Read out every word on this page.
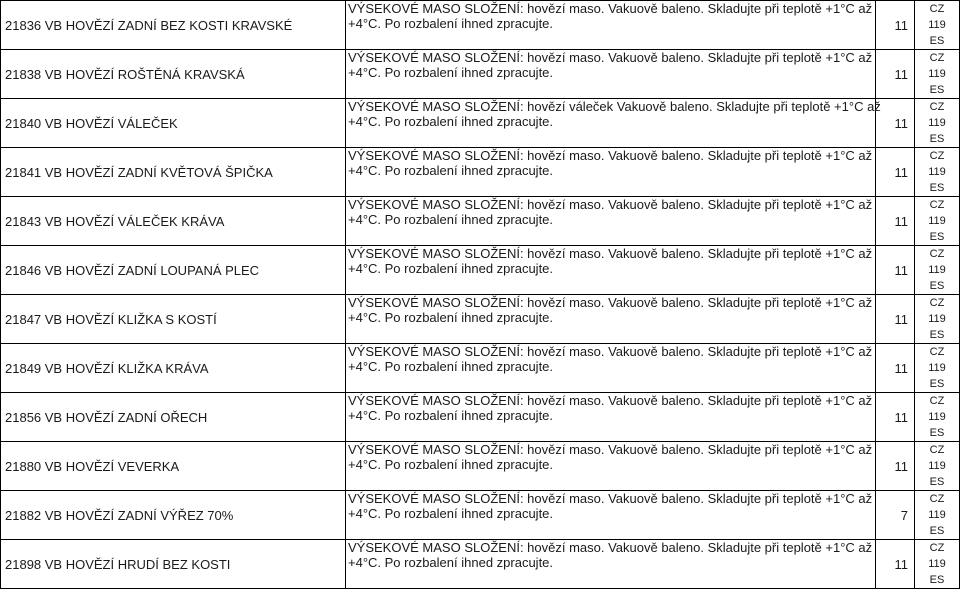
21836 VB HOVĚZÍ ZADNÍ BEZ KOSTI KRAVSKÉ	VÝSEKOVÉ MASO SLOŽENÍ: hovězí maso. Vakuově baleno. Skladujte při teplotě +1°C až
+4°C. Po rozbalení ihned zpracujte.	11	CZ
119
ES

21838 VB HOVĚZÍ ROŠTĚNÁ KRAVSKÁ	VÝSEKOVÉ MASO SLOŽENÍ: hovězí maso. Vakuově baleno. Skladujte při teplotě +1°C až
+4°C. Po rozbalení ihned zpracujte.	11	CZ
119
ES

21840 VB HOVĚZÍ VÁLEČEK	VÝSEKOVÉ MASO SLOŽENÍ: hovězí váleček Vakuově baleno. Skladujte při teplotě +1°C až
+4°C. Po rozbalení ihned zpracujte.	11	CZ
119
ES

21841 VB HOVĚZÍ ZADNÍ KVĚTOVÁ ŠPIČKA	VÝSEKOVÉ MASO SLOŽENÍ: hovězí maso. Vakuově baleno. Skladujte při teplotě +1°C až
+4°C. Po rozbalení ihned zpracujte.	11	CZ
119
ES

21843 VB HOVĚZÍ VÁLEČEK KRÁVA	VÝSEKOVÉ MASO SLOŽENÍ: hovězí maso. Vakuově baleno. Skladujte při teplotě +1°C až
+4°C. Po rozbalení ihned zpracujte.	11	CZ
119
ES

21846 VB HOVĚZÍ ZADNÍ LOUPANÁ PLEC	VÝSEKOVÉ MASO SLOŽENÍ: hovězí maso. Vakuově baleno. Skladujte při teplotě +1°C až
+4°C. Po rozbalení ihned zpracujte.	11	CZ
119
ES

21847 VB HOVĚZÍ KLIŽKA S KOSTÍ	VÝSEKOVÉ MASO SLOŽENÍ: hovězí maso. Vakuově baleno. Skladujte při teplotě +1°C až
+4°C. Po rozbalení ihned zpracujte.	11	CZ
119
ES

21849 VB HOVĚZÍ KLIŽKA KRÁVA	VÝSEKOVÉ MASO SLOŽENÍ: hovězí maso. Vakuově baleno. Skladujte při teplotě +1°C až
+4°C. Po rozbalení ihned zpracujte.	11	CZ
119
ES

21856 VB HOVĚZÍ ZADNÍ OŘECH	VÝSEKOVÉ MASO SLOŽENÍ: hovězí maso. Vakuově baleno. Skladujte při teplotě +1°C až
+4°C. Po rozbalení ihned zpracujte.	11	CZ
119
ES

21880 VB HOVĚZÍ VEVERKA	VÝSEKOVÉ MASO SLOŽENÍ: hovězí maso. Vakuově baleno. Skladujte při teplotě +1°C až
+4°C. Po rozbalení ihned zpracujte.	11	CZ
119
ES

21882 VB HOVĚZÍ ZADNÍ VÝŘEZ 70%	VÝSEKOVÉ MASO SLOŽENÍ: hovězí maso. Vakuově baleno. Skladujte při teplotě +1°C až
+4°C. Po rozbalení ihned zpracujte.	7	CZ
119
ES

21898 VB HOVĚZÍ HRUDÍ BEZ KOSTI	VÝSEKOVÉ MASO SLOŽENÍ: hovězí maso. Vakuově baleno. Skladujte při teplotě +1°C až
+4°C. Po rozbalení ihned zpracujte.	11	CZ
119
ES
